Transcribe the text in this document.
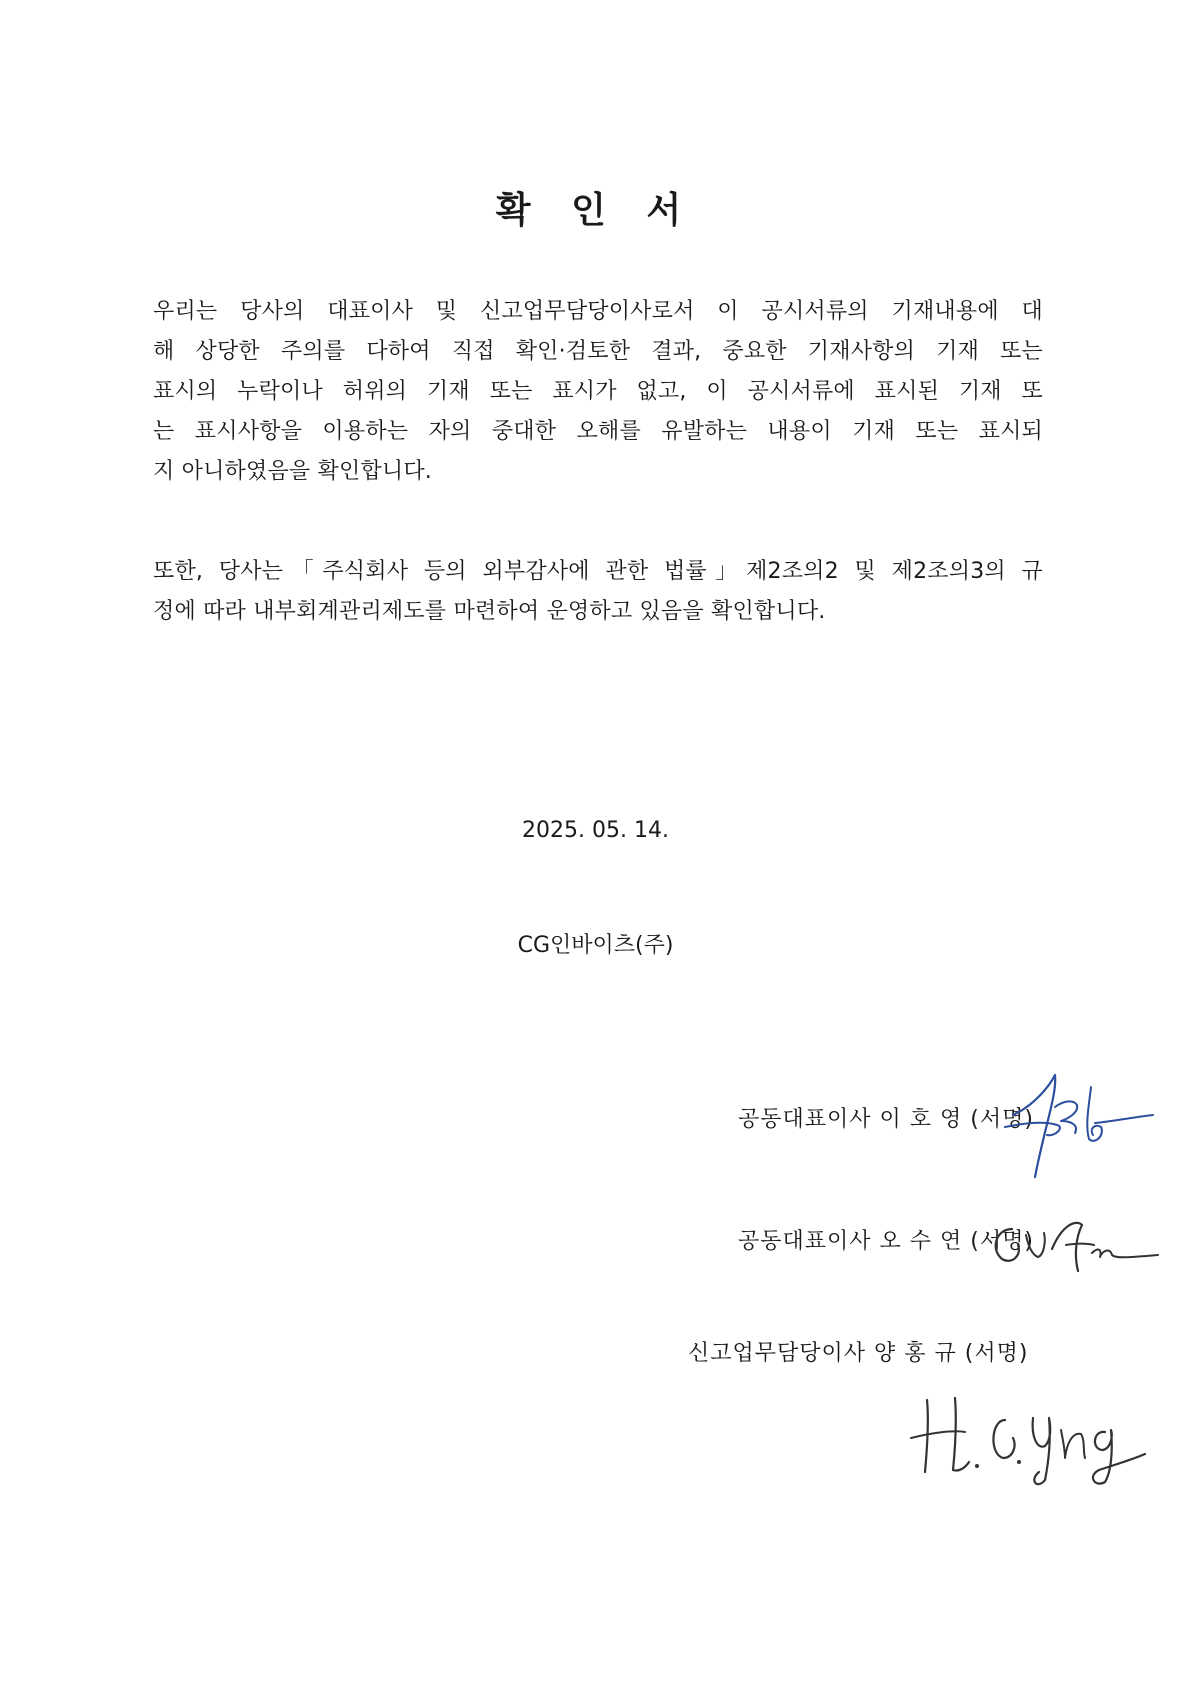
확 인 서
우리는 당사의 대표이사 및 신고업무담당이사로서 이 공시서류의 기재내용에 대
해 상당한 주의를 다하여 직접 확인·검토한 결과, 중요한 기재사항의 기재 또는
표시의 누락이나 허위의 기재 또는 표시가 없고, 이 공시서류에 표시된 기재 또
는 표시사항을 이용하는 자의 중대한 오해를 유발하는 내용이 기재 또는 표시되
지 아니하였음을 확인합니다.
또한, 당사는「주식회사 등의 외부감사에 관한 법률」제2조의2 및 제2조의3의 규
정에 따라 내부회계관리제도를 마련하여 운영하고 있음을 확인합니다.
2025. 05. 14.
CG인바이츠(주)
공동대표이사 이 호 영 (서명)
공동대표이사 오 수 연 (서명)
신고업무담당이사 양 홍 규 (서명)
